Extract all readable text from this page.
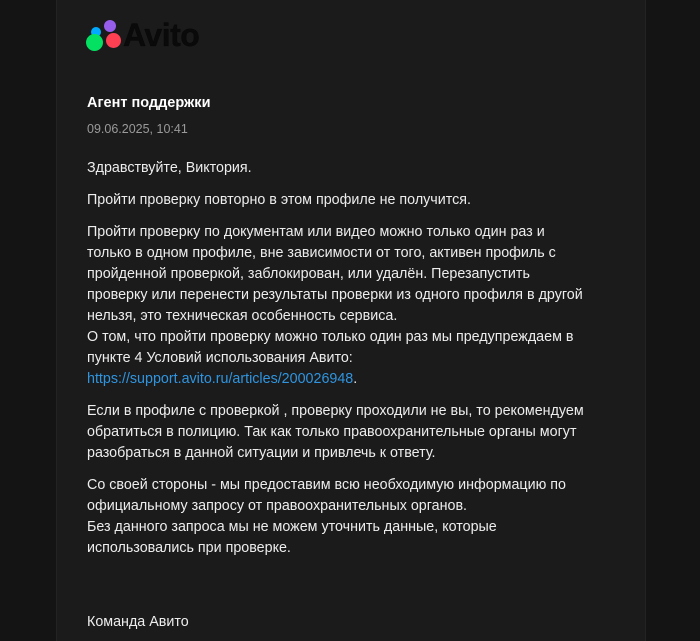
Avito
Агент поддержки
09.06.2025, 10:41

Здравствуйте, Виктория.

Пройти проверку повторно в этом профиле не получится.

Пройти проверку по документам или видео можно только один раз и
только в одном профиле, вне зависимости от того, активен профиль с
пройденной проверкой, заблокирован, или удалён. Перезапустить
проверку или перенести результаты проверки из одного профиля в другой
нельзя, это техническая особенность сервиса.
О том, что пройти проверку можно только один раз мы предупреждаем в
пункте 4 Условий использования Авито:
https://support.avito.ru/articles/200026948.

Если в профиле с проверкой , проверку проходили не вы, то рекомендуем
обратиться в полицию. Так как только правоохранительные органы могут
разобраться в данной ситуации и привлечь к ответу.

Со своей стороны - мы предоставим всю необходимую информацию по
официальному запросу от правоохранительных органов.
Без данного запроса мы не можем уточнить данные, которые
использовались при проверке.

Команда Авито
